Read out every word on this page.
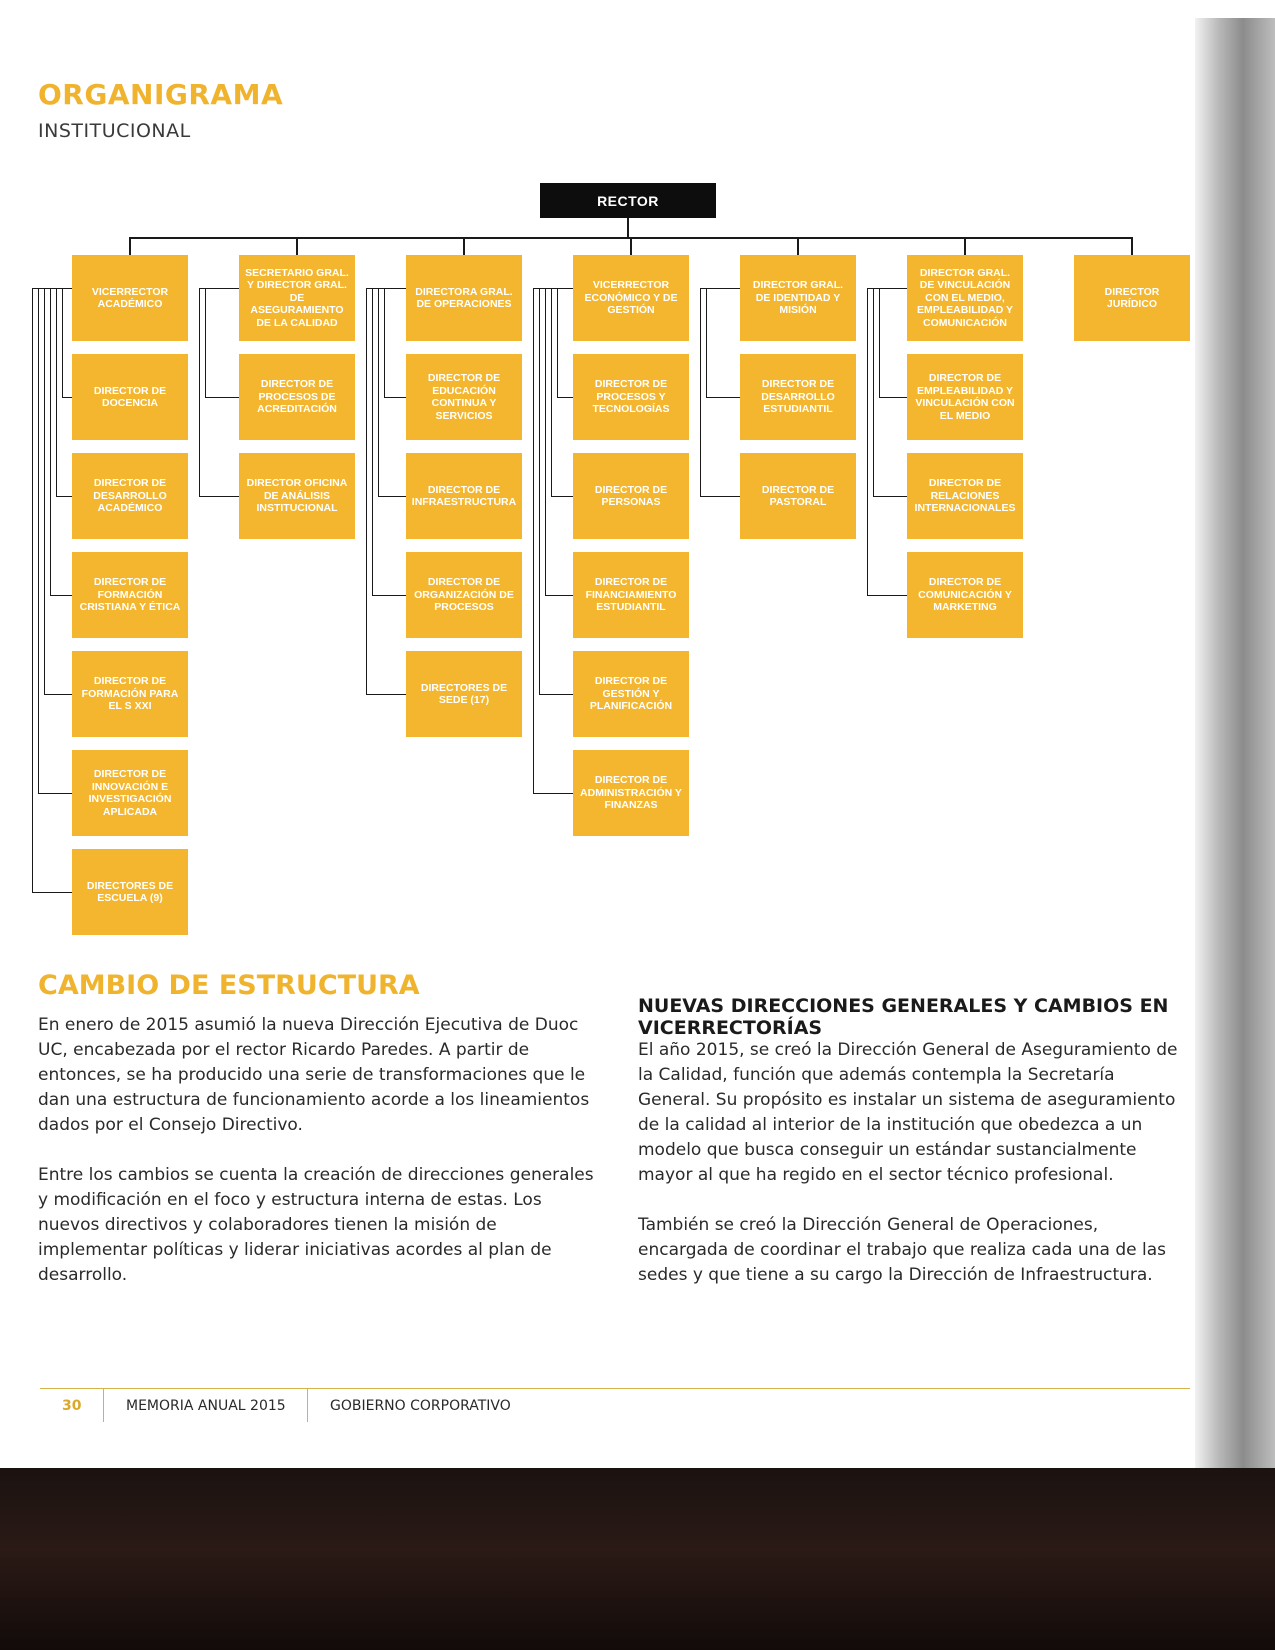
ORGANIGRAMA
INSTITUCIONAL
RECTOR
VICERRECTOR ACADÉMICO
DIRECTOR DE DOCENCIA
DIRECTOR DE DESARROLLO ACADÉMICO
DIRECTOR DE FORMACIÓN CRISTIANA Y ÉTICA
DIRECTOR DE FORMACIÓN PARA EL S XXI
DIRECTOR DE INNOVACIÓN E INVESTIGACIÓN APLICADA
DIRECTORES DE ESCUELA (9)
SECRETARIO GRAL. Y DIRECTOR GRAL. DE ASEGURAMIENTO DE LA CALIDAD
DIRECTOR DE PROCESOS DE ACREDITACIÓN
DIRECTOR OFICINA DE ANÁLISIS INSTITUCIONAL
DIRECTORA GRAL. DE OPERACIONES
DIRECTOR DE EDUCACIÓN CONTINUA Y SERVICIOS
DIRECTOR DE INFRAESTRUCTURA
DIRECTOR DE ORGANIZACIÓN DE PROCESOS
DIRECTORES DE SEDE (17)
VICERRECTOR ECONÓMICO Y DE GESTIÓN
DIRECTOR DE PROCESOS Y TECNOLOGÍAS
DIRECTOR DE PERSONAS
DIRECTOR DE FINANCIAMIENTO ESTUDIANTIL
DIRECTOR DE GESTIÓN Y PLANIFICACIÓN
DIRECTOR DE ADMINISTRACIÓN Y FINANZAS
DIRECTOR GRAL. DE IDENTIDAD Y MISIÓN
DIRECTOR DE DESARROLLO ESTUDIANTIL
DIRECTOR DE PASTORAL
DIRECTOR GRAL. DE VINCULACIÓN CON EL MEDIO, EMPLEABILIDAD Y COMUNICACIÓN
DIRECTOR DE EMPLEABILIDAD Y VINCULACIÓN CON EL MEDIO
DIRECTOR DE RELACIONES INTERNACIONALES
DIRECTOR DE COMUNICACIÓN Y MARKETING
DIRECTOR JURÍDICO
CAMBIO DE ESTRUCTURA

En enero de 2015 asumió la nueva Dirección Ejecutiva de Duoc UC, encabezada por el rector Ricardo Paredes. A partir de entonces, se ha producido una serie de transformaciones que le dan una estructura de funcionamiento acorde a los lineamientos dados por el Consejo Directivo.

Entre los cambios se cuenta la creación de direcciones generales y modificación en el foco y estructura interna de estas. Los nuevos directivos y colaboradores tienen la misión de implementar políticas y liderar iniciativas acordes al plan de desarrollo.

NUEVAS DIRECCIONES GENERALES Y CAMBIOS EN VICERRECTORÍAS

El año 2015, se creó la Dirección General de Aseguramiento de la Calidad, función que además contempla la Secretaría General. Su propósito es instalar un sistema de aseguramiento de la calidad al interior de la institución que obedezca a un modelo que busca conseguir un estándar sustancialmente mayor al que ha regido en el sector técnico profesional.

También se creó la Dirección General de Operaciones, encargada de coordinar el trabajo que realiza cada una de las sedes y que tiene a su cargo la Dirección de Infraestructura.

30	MEMORIA ANUAL 2015	GOBIERNO CORPORATIVO
